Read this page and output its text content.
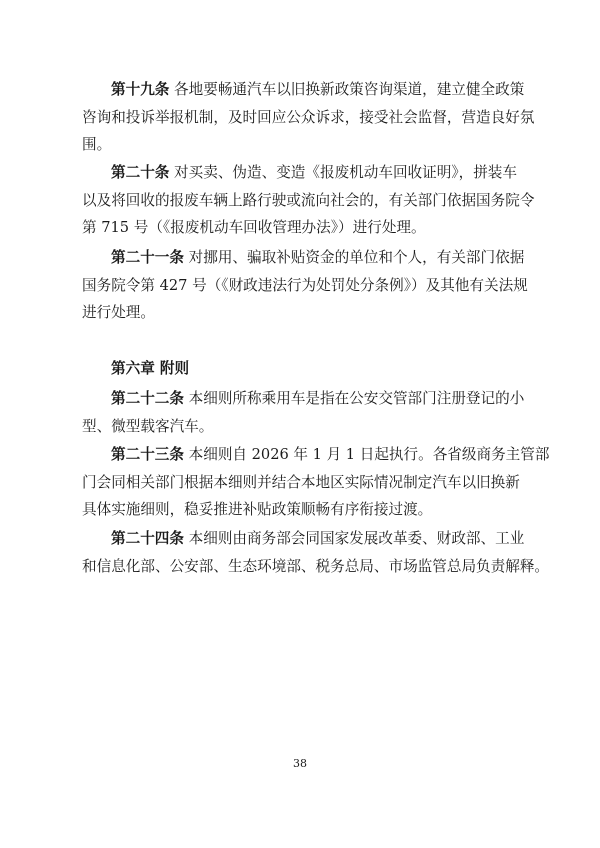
第十九条 各地要畅通汽车以旧换新政策咨询渠道，建立健全政策
咨询和投诉举报机制，及时回应公众诉求，接受社会监督，营造良好氛
围。
第二十条 对买卖、伪造、变造《报废机动车回收证明》，拼装车
以及将回收的报废车辆上路行驶或流向社会的，有关部门依据国务院令
第 715 号（《报废机动车回收管理办法》）进行处理。
第二十一条 对挪用、骗取补贴资金的单位和个人，有关部门依据
国务院令第 427 号（《财政违法行为处罚处分条例》）及其他有关法规
进行处理。
第六章 附则
第二十二条 本细则所称乘用车是指在公安交管部门注册登记的小
型、微型载客汽车。
第二十三条 本细则自 2026 年 1 月 1 日起执行。各省级商务主管部
门会同相关部门根据本细则并结合本地区实际情况制定汽车以旧换新
具体实施细则，稳妥推进补贴政策顺畅有序衔接过渡。
第二十四条 本细则由商务部会同国家发展改革委、财政部、工业
和信息化部、公安部、生态环境部、税务总局、市场监管总局负责解释。
38
